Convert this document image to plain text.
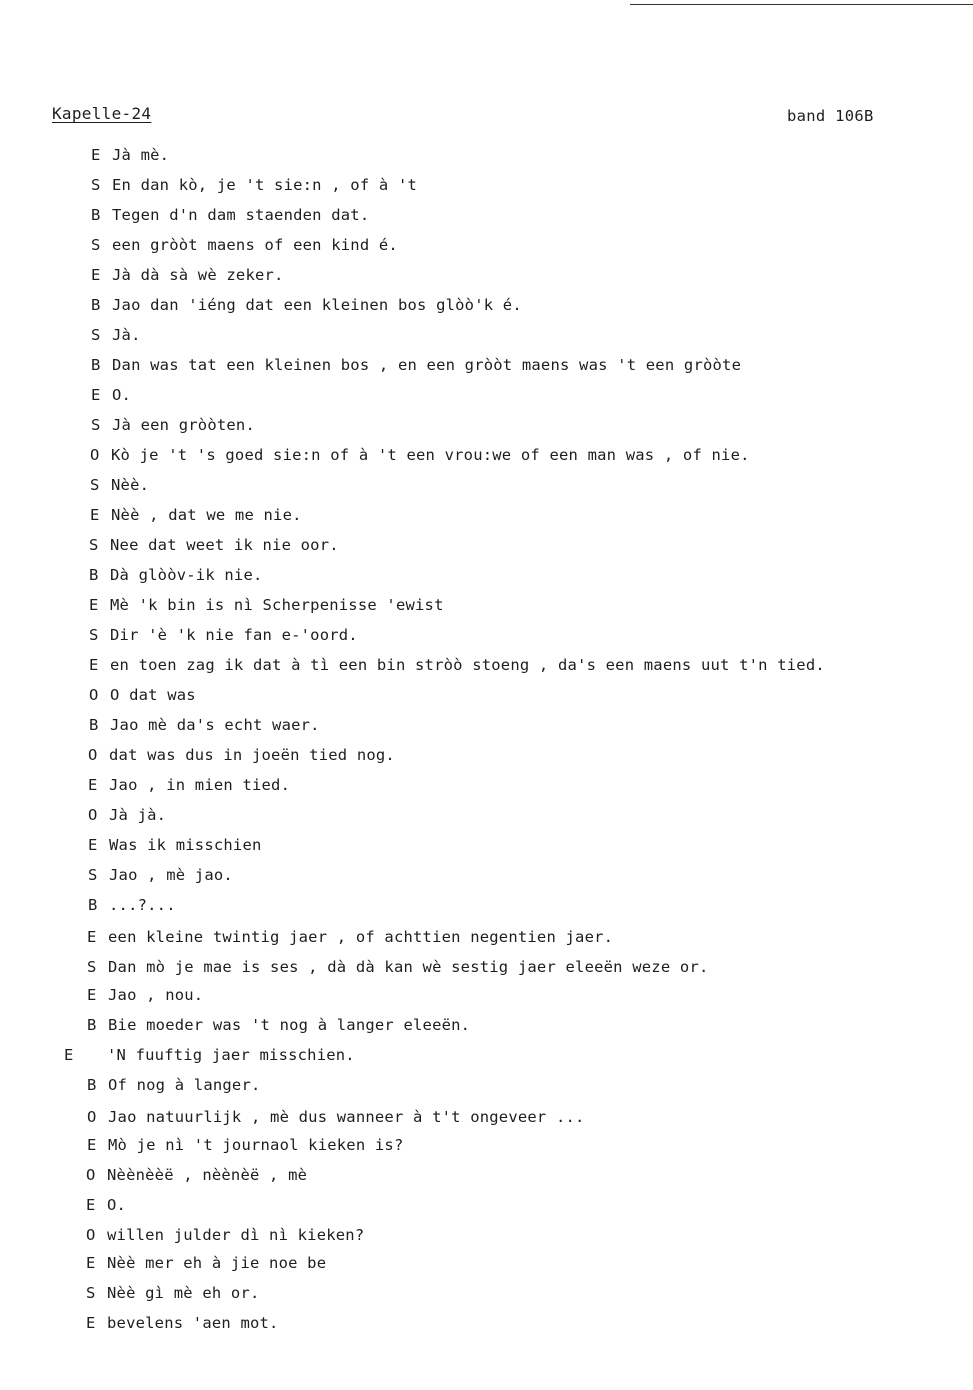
Kapelle-24	band 106B
E Jà mè.
S En dan kò, je 't sie:n , of à 't
B Tegen d'n dam staenden dat.
S een gròòt maens of een kind é.
E Jà dà sà wè zeker.
B Jao dan 'iéng dat een kleinen bos glòò'k é.
S Jà.
B Dan was tat een kleinen bos , en een gròòt maens was 't een gròòte
E O.
S Jà een gròòten.
O Kò je 't 's goed sie:n of à 't een vrou:we of een man was , of nie.
S Nèè.
E Nèè , dat we me nie.
S Nee dat weet ik nie oor.
B Dà glòòv-ik nie.
E Mè 'k bin is nì Scherpenisse 'ewist
S Dir 'è 'k nie fan e-'oord.
E en toen zag ik dat à tì een bin stròò stoeng , da's een maens uut t'n tied.
O O dat was
B Jao mè da's echt waer.
O dat was dus in joeën tied nog.
E Jao , in mien tied.
O Jà jà.
E Was ik misschien
S Jao , mè jao.
B ...?...
E een kleine twintig jaer , of achttien negentien jaer.
S Dan mò je mae is ses , dà dà kan wè sestig jaer eleeën weze or.
E Jao , nou.
B Bie moeder was 't nog à langer eleeën.
E 'N fuuftig jaer misschien.
B Of nog à langer.
O Jao natuurlijk , mè dus wanneer à t't ongeveer ...
E Mò je nì 't journaol kieken is?
O Nèènèèë , nèènèë , mè
E O.
O willen julder dì nì kieken?
E Nèè mer eh à jie noe be
S Nèè gì mè eh or.
E bevelens 'aen mot.
